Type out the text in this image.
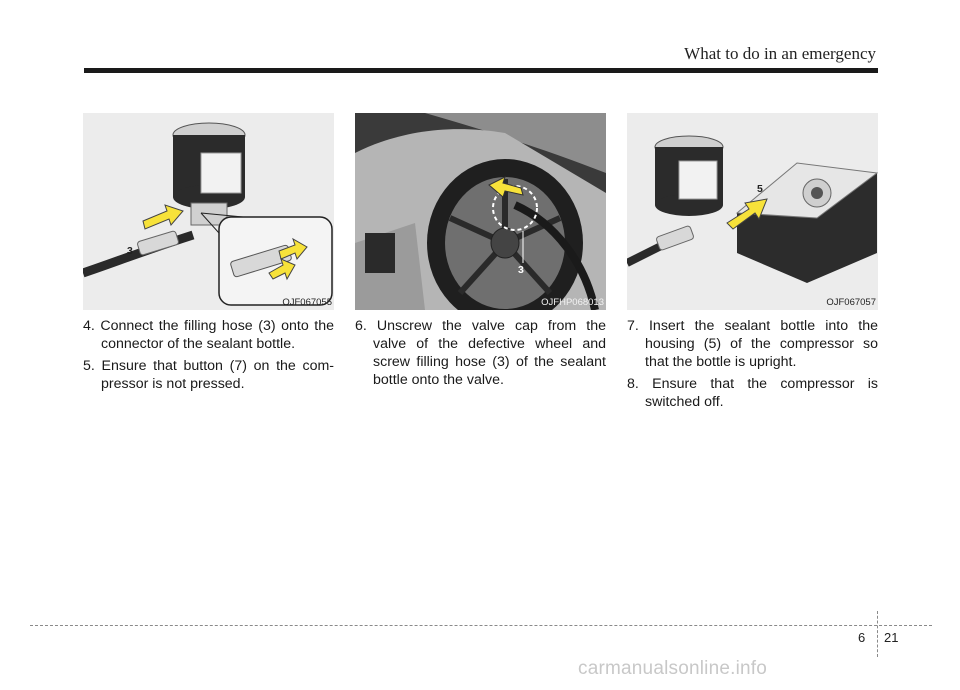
What to do in an emergency
3
OJF067055
4. Connect the filling hose (3) onto the connector of the sealant bottle.
5. Ensure that button (7) on the com-pressor is not pressed.
3
OJFHP068013
6. Unscrew the valve cap from the valve of the defective wheel and screw filling hose (3) of the sealant bottle onto the valve.
5
OJF067057
7. Insert the sealant bottle into the housing (5) of the compressor so that the bottle is upright.
8. Ensure that the compressor is switched off.
6 21
carmanualsonline.info
